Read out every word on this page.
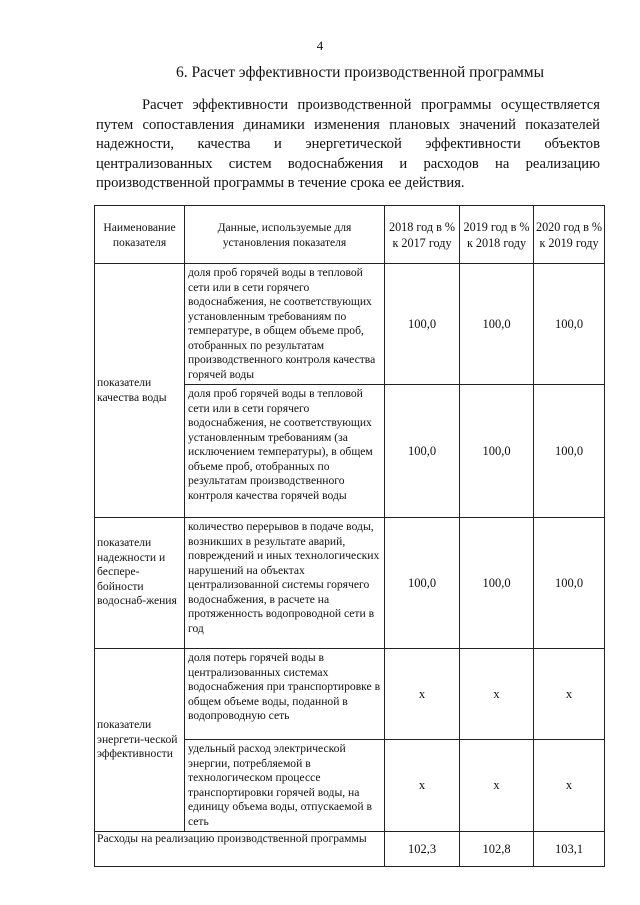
4
6. Расчет эффективности производственной программы
Расчет эффективности производственной программы осуществляется путем сопоставления динамики изменения плановых значений показателей надежности, качества и энергетической эффективности объектов централизованных систем водоснабжения и расходов на реализацию производственной программы в течение срока ее действия.
Наименование показателя	Данные, используемые для установления показателя	2018 год в % к 2017 году	2019 год в % к 2018 году	2020 год в % к 2019 году
показатели качества воды	доля проб горячей воды в тепловой сети или в сети горячего водоснабжения, не соответствующих установленным требованиям по температуре, в общем объеме проб, отобранных по результатам производственного контроля качества горячей воды	100,0	100,0	100,0
	доля проб горячей воды в тепловой сети или в сети горячего водоснабжения, не соответствующих установленным требованиям (за исключением температуры), в общем объеме проб, отобранных по результатам производственного контроля качества горячей воды	100,0	100,0	100,0
показатели надежности и беспере-бойности водоснаб-жения	количество перерывов в подаче воды, возникших в результате аварий, повреждений и иных технологических нарушений на объектах централизованной системы горячего водоснабжения, в расчете на протяженность водопроводной сети в год	100,0	100,0	100,0
показатели энергети-ческой эффективности	доля потерь горячей воды в централизованных системах водоснабжения при транспортировке в общем объеме воды, поданной в водопроводную сеть	x	x	x
	удельный расход электрической энергии, потребляемой в технологическом процессе транспортировки горячей воды, на единицу объема воды, отпускаемой в сеть	x	x	x
Расходы на реализацию производственной программы		102,3	102,8	103,1
